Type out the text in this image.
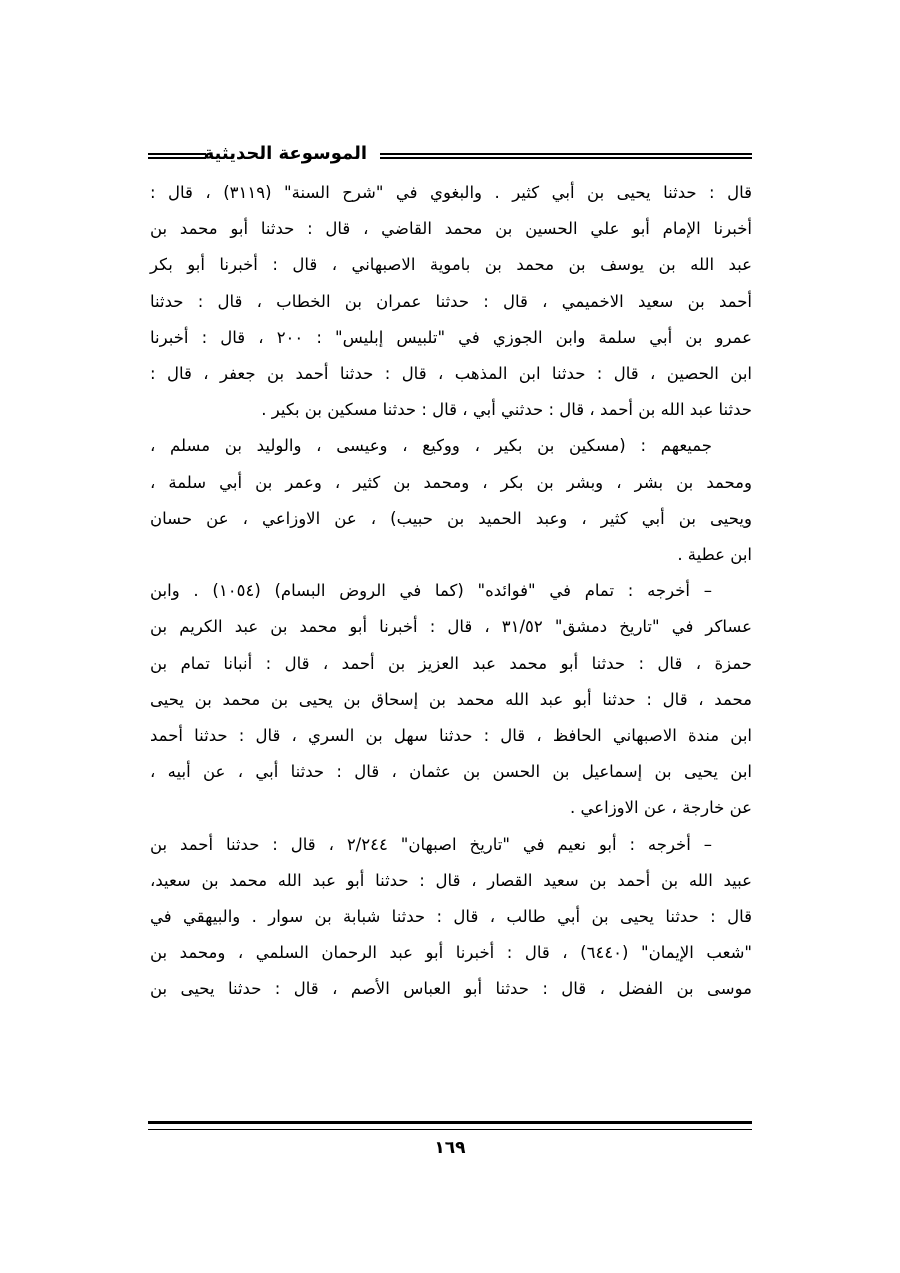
الموسوعة الحديثية

قال : حدثنا يحيى بن أبي كثير . والبغوي في "شرح السنة" (٣١١٩) ، قال :
أخبرنا الإمام أبو علي الحسين بن محمد القاضي ، قال : حدثنا أبو محمد بن
عبد الله بن يوسف بن محمد بن باموية الاصبهاني ، قال : أخبرنا أبو بكر
أحمد بن سعيد الاخميمي ، قال : حدثنا عمران بن الخطاب ، قال : حدثنا
عمرو بن أبي سلمة وابن الجوزي في "تلبيس إبليس" : ٢٠٠ ، قال : أخبرنا
ابن الحصين ، قال : حدثنا ابن المذهب ، قال : حدثنا أحمد بن جعفر ، قال :
حدثنا عبد الله بن أحمد ، قال : حدثني أبي ، قال : حدثنا مسكين بن بكير .

جميعهم : (مسكين بن بكير ، ووكيع ، وعيسى ، والوليد بن مسلم ،

ومحمد بن بشر ، وبشر بن بكر ، ومحمد بن كثير ، وعمر بن أبي سلمة ،
ويحيى بن أبي كثير ، وعبد الحميد بن حبيب) ، عن الاوزاعي ، عن حسان
ابن عطية .

– أخرجه : تمام في "فوائده" (كما في الروض البسام) (١٠٥٤) . وابن

عساكر في "تاريخ دمشق" ٣١/٥٢ ، قال : أخبرنا أبو محمد بن عبد الكريم بن
حمزة ، قال : حدثنا أبو محمد عبد العزيز بن أحمد ، قال : أنبانا تمام بن
محمد ، قال : حدثنا أبو عبد الله محمد بن إسحاق بن يحيى بن محمد بن يحيى
ابن مندة الاصبهاني الحافظ ، قال : حدثنا سهل بن السري ، قال : حدثنا أحمد
ابن يحيى بن إسماعيل بن الحسن بن عثمان ، قال : حدثنا أبي ، عن أبيه ،
عن خارجة ، عن الاوزاعي .

– أخرجه : أبو نعيم في "تاريخ اصبهان" ٢/٢٤٤ ، قال : حدثنا أحمد بن

عبيد الله بن أحمد بن سعيد القصار ، قال : حدثنا أبو عبد الله محمد بن سعيد،
قال : حدثنا يحيى بن أبي طالب ، قال : حدثنا شبابة بن سوار . والبيهقي في
"شعب الإيمان" (٦٤٤٠) ، قال : أخبرنا أبو عبد الرحمان السلمي ، ومحمد بن
موسى بن الفضل ، قال : حدثنا أبو العباس الأصم ، قال : حدثنا يحيى بن

١٦٩
